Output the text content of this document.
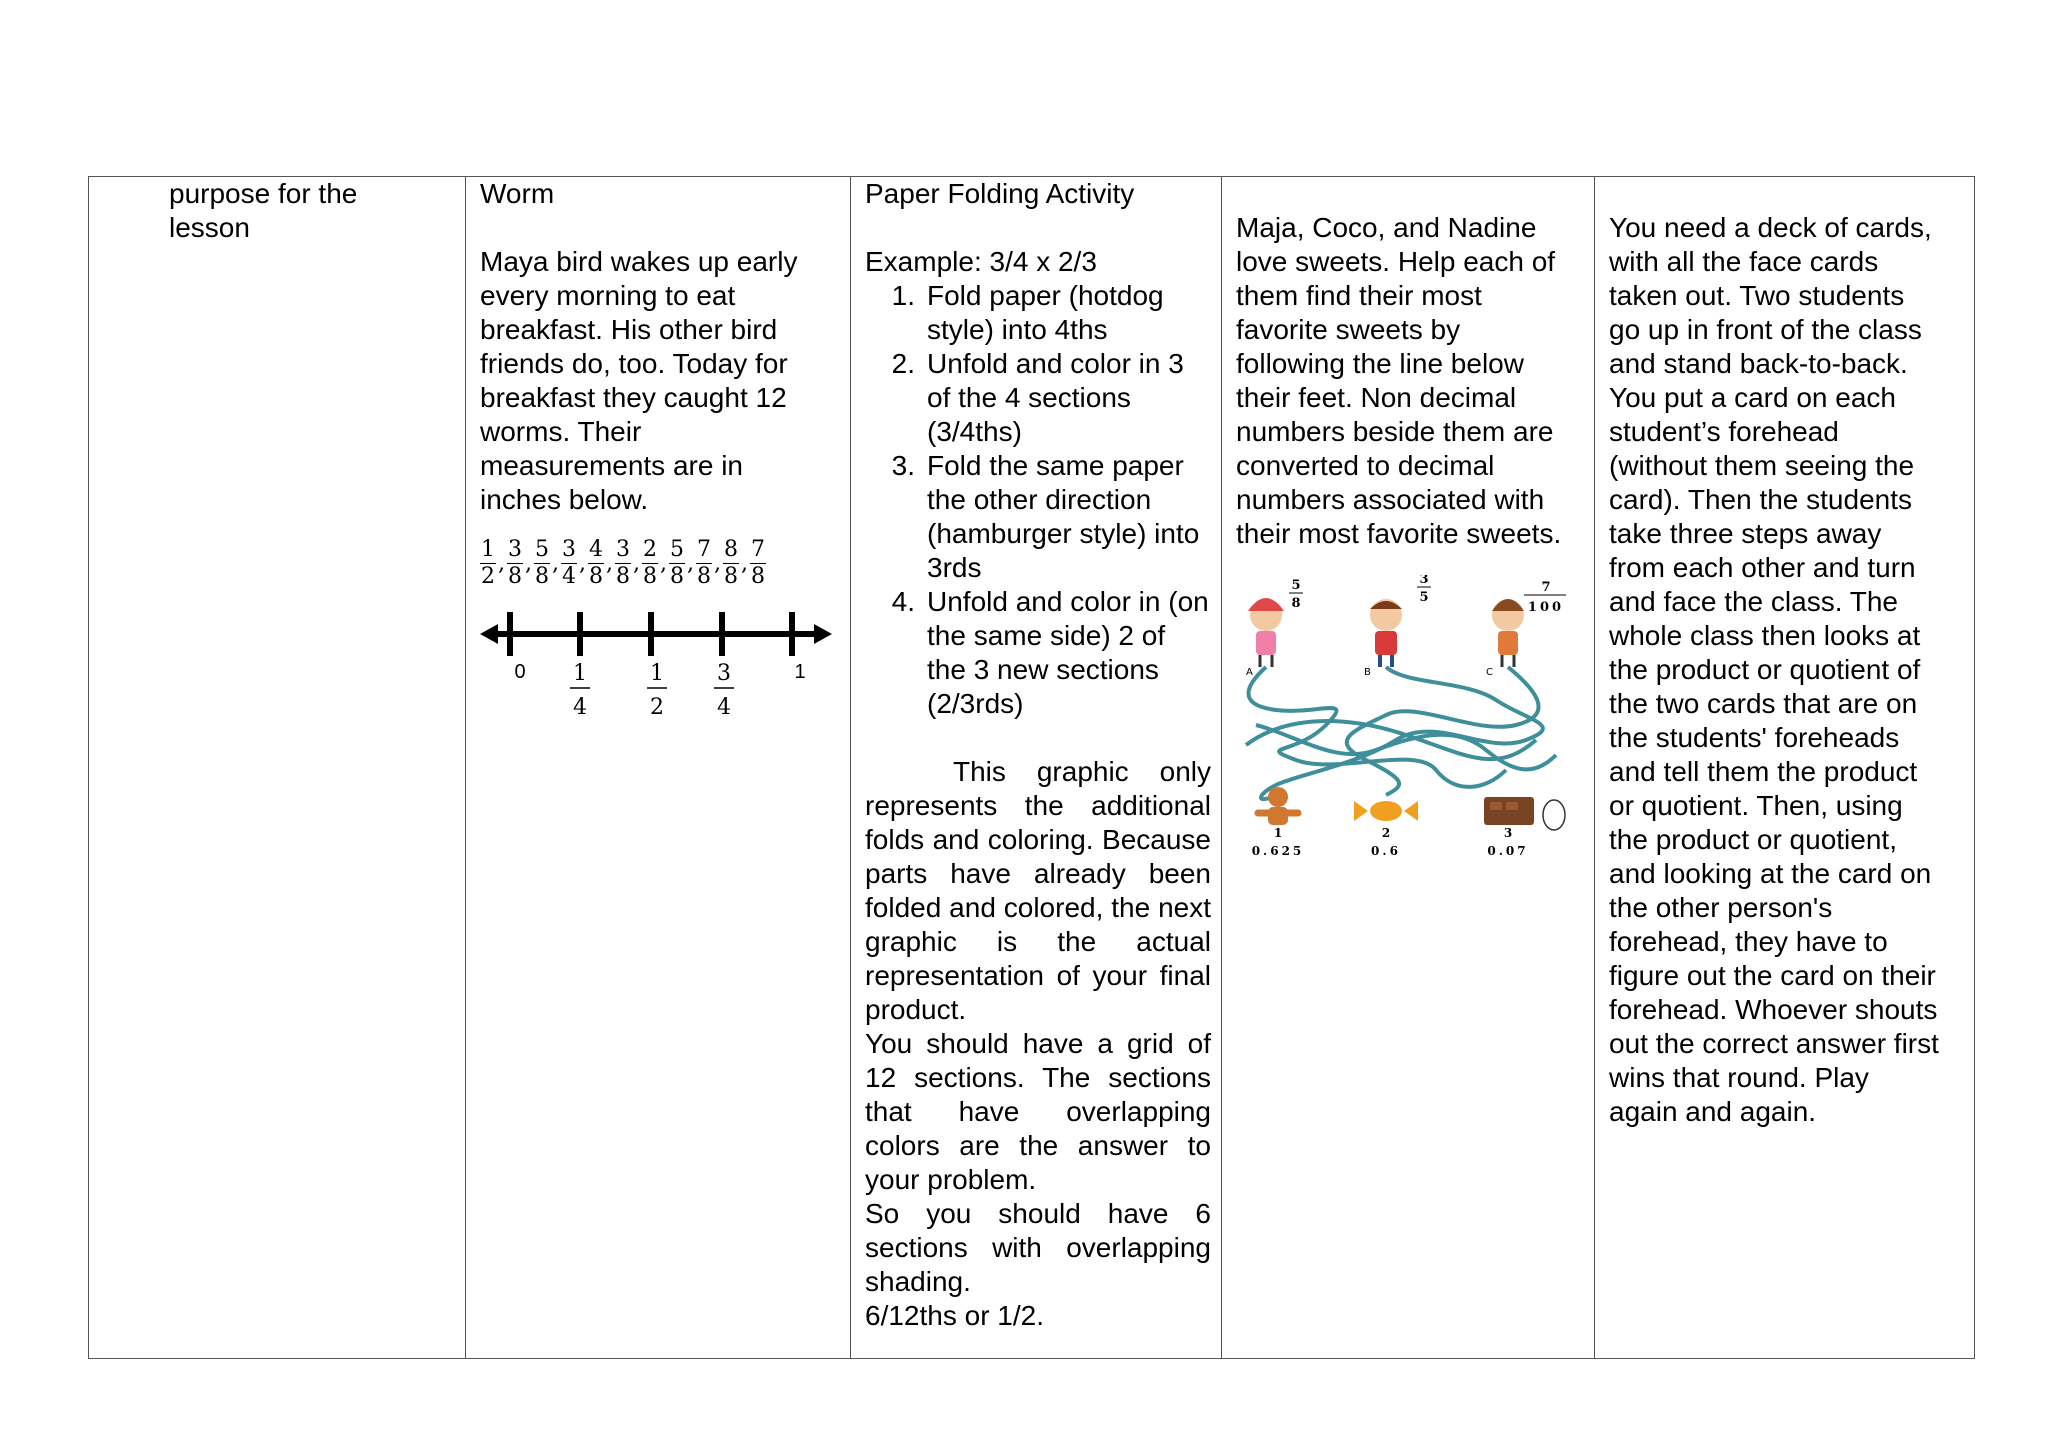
purpose for the
lesson

Worm
Maya bird wakes up early
every morning to eat
breakfast. His other bird
friends do, too. Today for
breakfast they caught 12
worms. Their
measurements are in
inches below.
$\frac{1}{2}$ , $\frac{3}{8}$ , $\frac{5}{8}$ , $\frac{3}{4}$ , $\frac{4}{8}$ , $\frac{3}{8}$ , $\frac{2}{8}$ , $\frac{5}{8}$ , $\frac{7}{8}$ , $\frac{8}{8}$ , $\frac{7}{8}$
0	1
1
4
1
2
3
4

Paper Folding Activity
Example: 3/4 x 2/3
1. Fold paper (hotdog
style) into 4ths
2. Unfold and color in 3
of the 4 sections
(3/4ths)
3. Fold the same paper
the other direction
(hamburger style) into
3rds
4. Unfold and color in (on
the same side) 2 of
the 3 new sections
(2/3rds)
This graphic only represents the additional folds and coloring. Because parts have already been folded and colored, the next graphic is the actual representation of your final product.
You should have a grid of 12 sections. The sections that have overlapping colors are the answer to your problem.
So you should have 6 sections with overlapping shading.
6/12ths or 1/2.

Maja, Coco, and Nadine
love sweets. Help each of
them find their most
favorite sweets by
following the line below
their feet. Non decimal
numbers beside them are
converted to decimal
numbers associated with
their most favorite sweets.
A
5
8
B
3
5
C
7
100
1
0.625
2
0.6
3
0.07

You need a deck of cards,
with all the face cards
taken out. Two students
go up in front of the class
and stand back-to-back.
You put a card on each
student’s forehead
(without them seeing the
card). Then the students
take three steps away
from each other and turn
and face the class. The
whole class then looks at
the product or quotient of
the two cards that are on
the students' foreheads
and tell them the product
or quotient. Then, using
the product or quotient,
and looking at the card on
the other person's
forehead, they have to
figure out the card on their
forehead. Whoever shouts
out the correct answer first
wins that round. Play
again and again.
